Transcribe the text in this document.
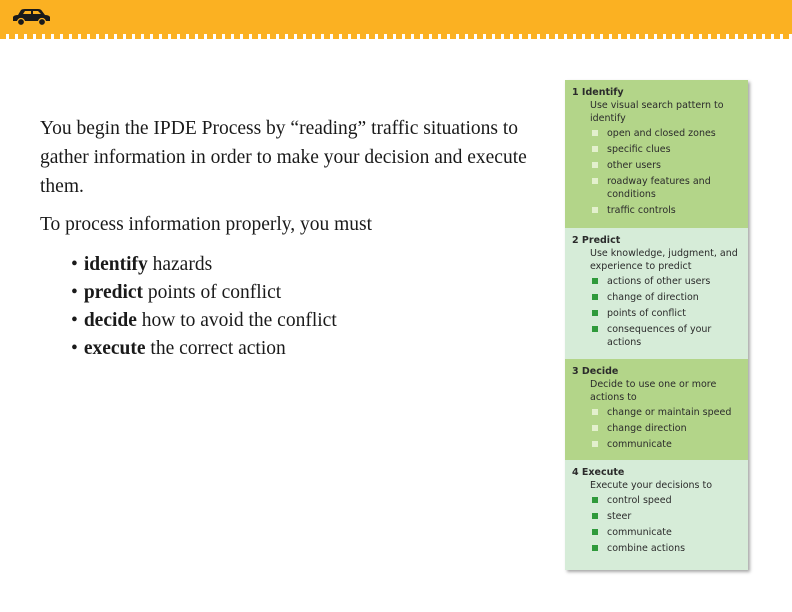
You begin the IPDE Process by “reading” traffic situations to gather information in order to make your decision and execute them.

To process information properly, you must

• identify hazards
• predict points of conflict
• decide how to avoid the conflict
• execute the correct action
1 Identify
Use visual search pattern to identify
open and closed zones
specific clues
other users
roadway features and conditions
traffic controls
2 Predict
Use knowledge, judgment, and experience to predict
actions of other users
change of direction
points of conflict
consequences of your actions
3 Decide
Decide to use one or more actions to
change or maintain speed
change direction
communicate
4 Execute
Execute your decisions to
control speed
steer
communicate
combine actions
